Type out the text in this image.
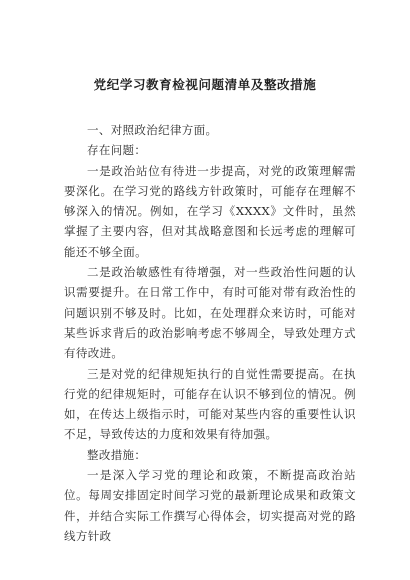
党纪学习教育检视问题清单及整改措施

一、对照政治纪律方面。

存在问题：

一是政治站位有待进一步提高，对党的政策理解需要深化。在学习党的路线方针政策时，可能存在理解不够深入的情况。例如，在学习《XXXX》文件时，虽然掌握了主要内容，但对其战略意图和长远考虑的理解可能还不够全面。

二是政治敏感性有待增强，对一些政治性问题的认识需要提升。在日常工作中，有时可能对带有政治性的问题识别不够及时。比如，在处理群众来访时，可能对某些诉求背后的政治影响考虑不够周全，导致处理方式有待改进。

三是对党的纪律规矩执行的自觉性需要提高。在执行党的纪律规矩时，可能存在认识不够到位的情况。例如，在传达上级指示时，可能对某些内容的重要性认识不足，导致传达的力度和效果有待加强。

整改措施：

一是深入学习党的理论和政策，不断提高政治站位。每周安排固定时间学习党的最新理论成果和政策文件，并结合实际工作撰写心得体会，切实提高对党的路线方针政
